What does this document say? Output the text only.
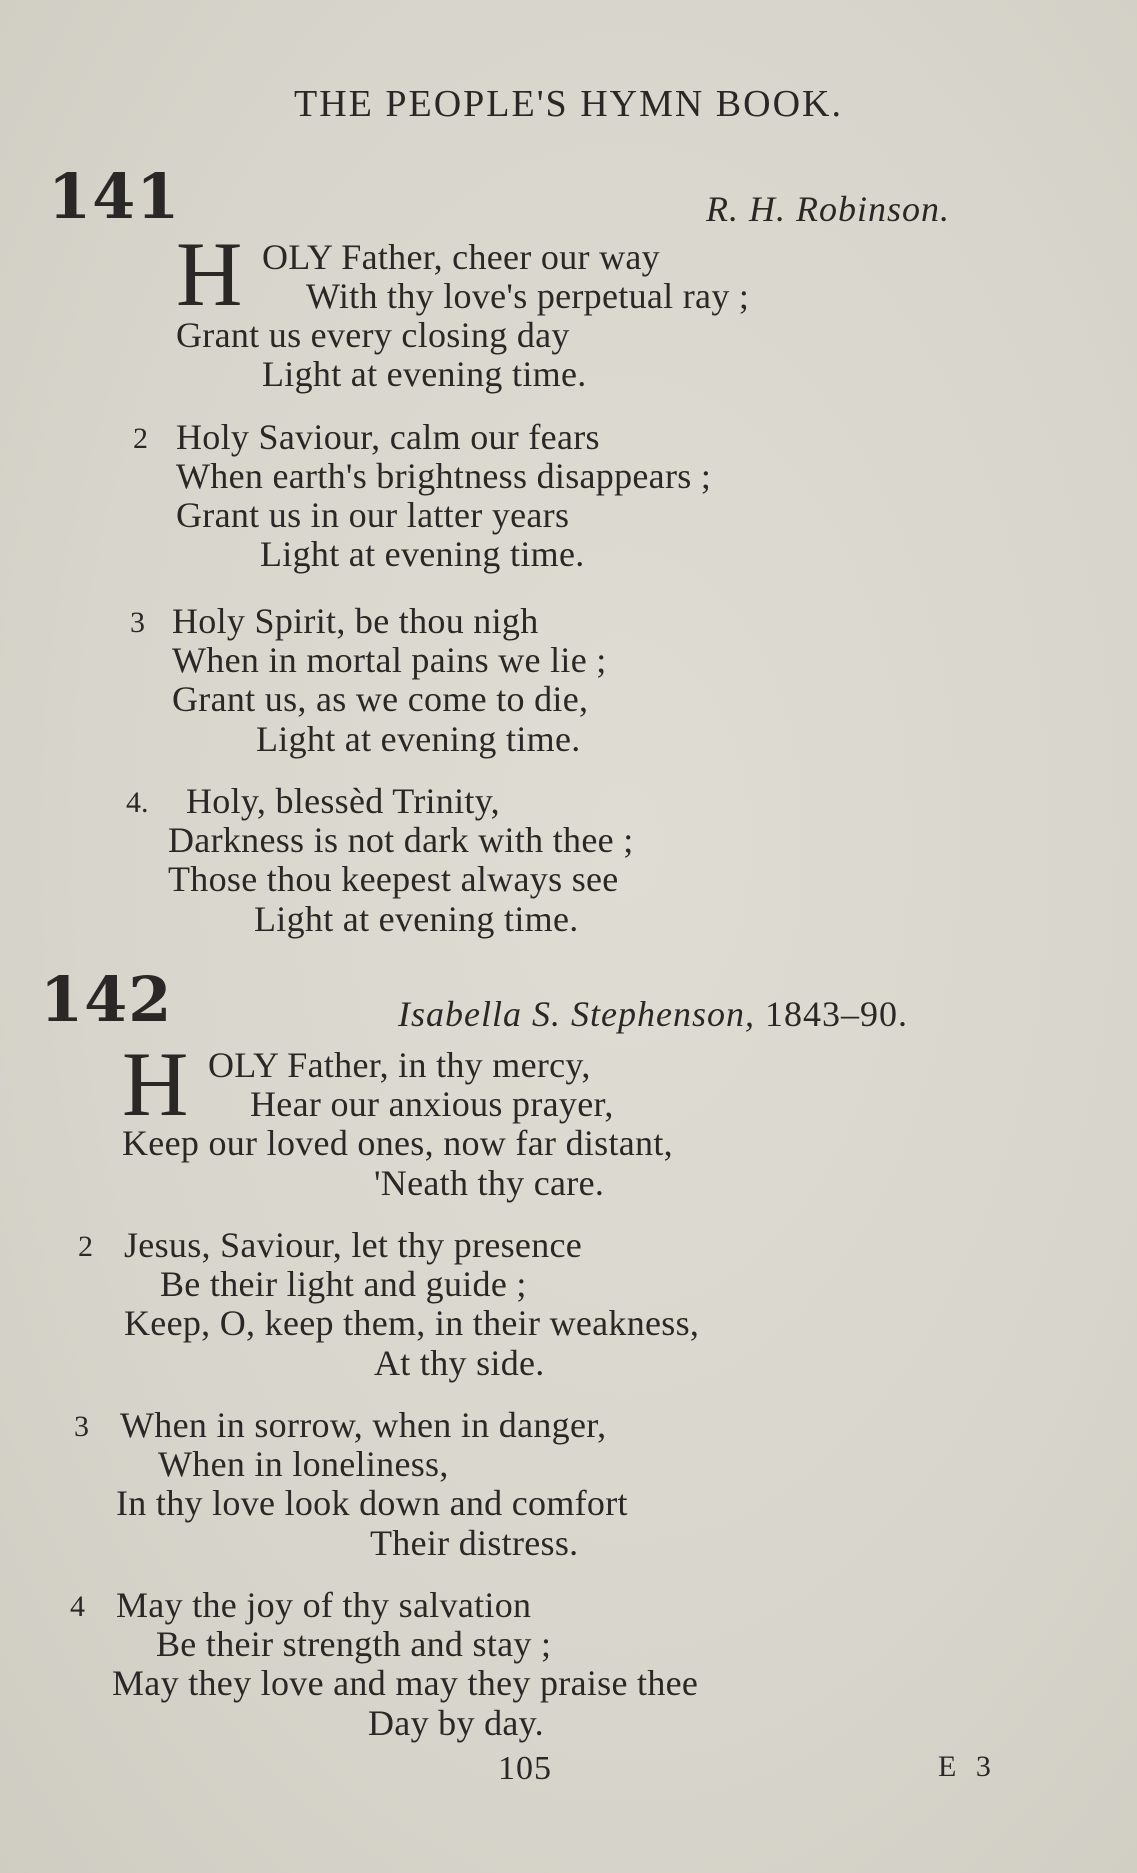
THE PEOPLE'S HYMN BOOK.
141	R. H. Robinson.
H OLY Father, cheer our way
With thy love's perpetual ray ;
Grant us every closing day
Light at evening time.
2 Holy Saviour, calm our fears
When earth's brightness disappears ;
Grant us in our latter years
Light at evening time.
3 Holy Spirit, be thou nigh
When in mortal pains we lie ;
Grant us, as we come to die,
Light at evening time.
4. Holy, blessèd Trinity,
Darkness is not dark with thee ;
Those thou keepest always see
Light at evening time.
142	Isabella S. Stephenson, 1843–90.
H OLY Father, in thy mercy,
Hear our anxious prayer,
Keep our loved ones, now far distant,
'Neath thy care.
2 Jesus, Saviour, let thy presence
Be their light and guide ;
Keep, O, keep them, in their weakness,
At thy side.
3 When in sorrow, when in danger,
When in loneliness,
In thy love look down and comfort
Their distress.
4 May the joy of thy salvation
Be their strength and stay ;
May they love and may they praise thee
Day by day.
105	E 3
